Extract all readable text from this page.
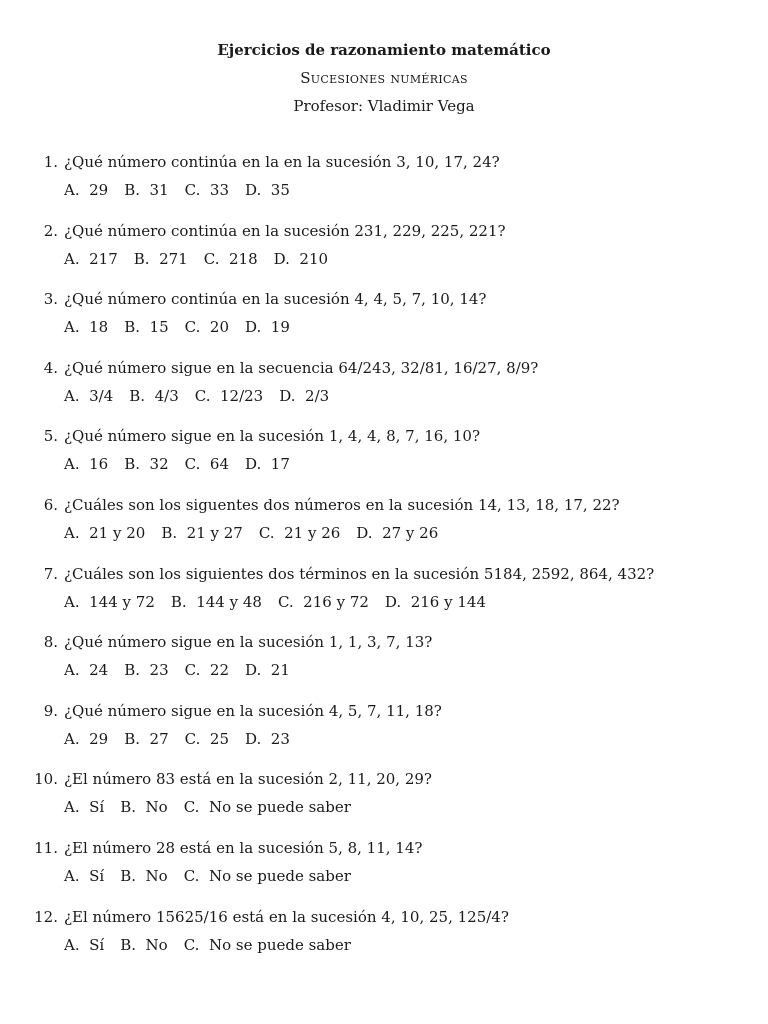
Ejercicios de razonamiento matemático
Sucesiones numéricas
Profesor: Vladimir Vega
1. ¿Qué número continúa en la en la sucesión 3, 10, 17, 24?
A.  29 B.  31 C.  33 D.  35
2. ¿Qué número continúa en la sucesión 231, 229, 225, 221?
A.  217 B.  271 C.  218 D.  210
3. ¿Qué número continúa en la sucesión 4, 4, 5, 7, 10, 14?
A.  18 B.  15 C.  20 D.  19
4. ¿Qué número sigue en la secuencia 64/243, 32/81, 16/27, 8/9?
A.  3/4 B.  4/3 C.  12/23 D.  2/3
5. ¿Qué número sigue en la sucesión 1, 4, 4, 8, 7, 16, 10?
A.  16 B.  32 C.  64 D.  17
6. ¿Cuáles son los siguentes dos números en la sucesión 14, 13, 18, 17, 22?
A.  21 y 20 B.  21 y 27 C.  21 y 26 D.  27 y 26
7. ¿Cuáles son los siguientes dos términos en la sucesión 5184, 2592, 864, 432?
A.  144 y 72 B.  144 y 48 C.  216 y 72 D.  216 y 144
8. ¿Qué número sigue en la sucesión 1, 1, 3, 7, 13?
A.  24 B.  23 C.  22 D.  21
9. ¿Qué número sigue en la sucesión 4, 5, 7, 11, 18?
A.  29 B.  27 C.  25 D.  23
10. ¿El número 83 está en la sucesión 2, 11, 20, 29?
A.  Sí B.  No C.  No se puede saber
11. ¿El número 28 está en la sucesión 5, 8, 11, 14?
A.  Sí B.  No C.  No se puede saber
12. ¿El número 15625/16 está en la sucesión 4, 10, 25, 125/4?
A.  Sí B.  No C.  No se puede saber
